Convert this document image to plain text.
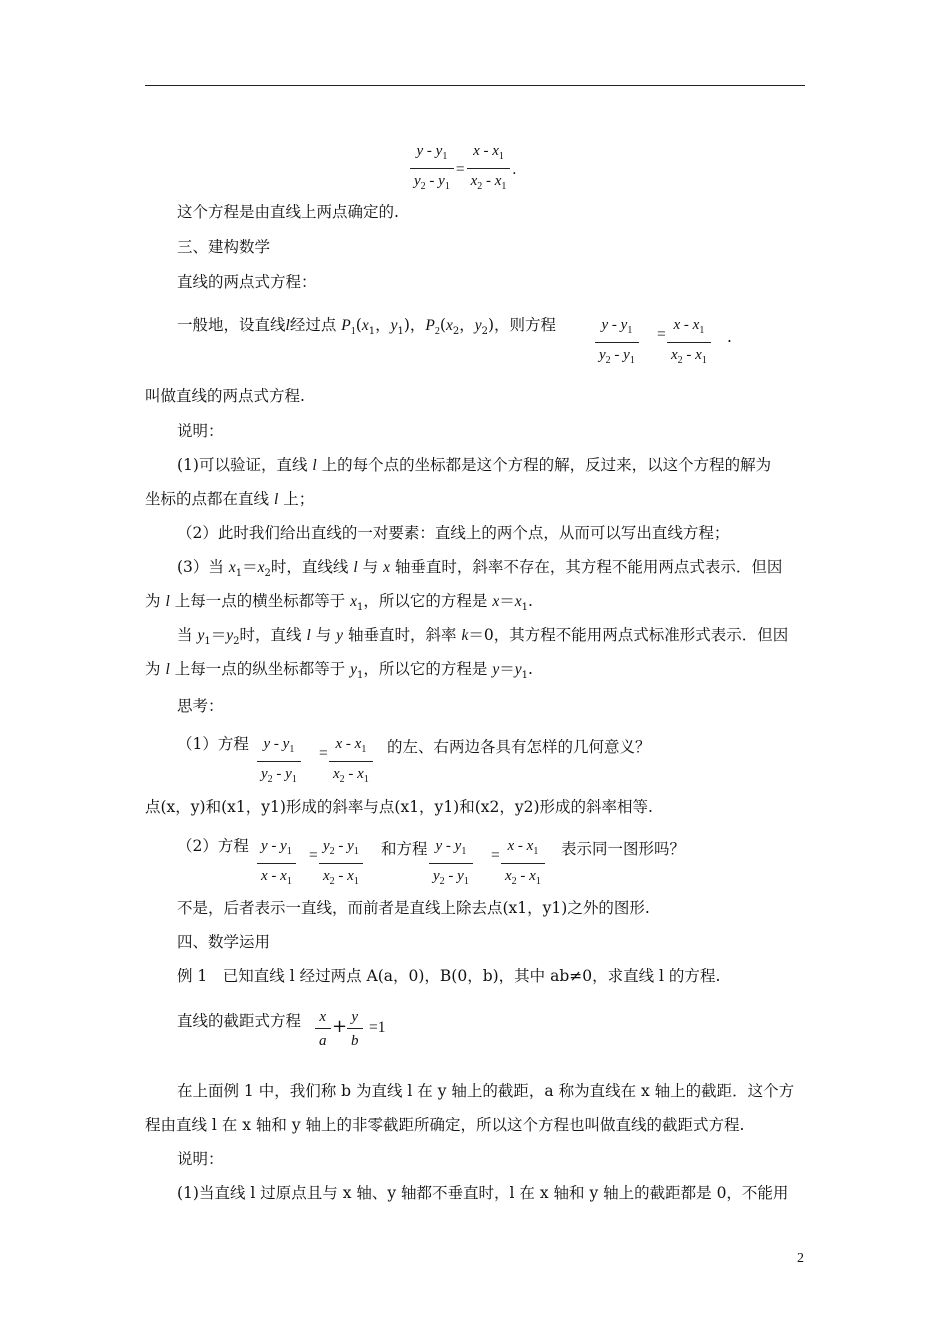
$\frac{y - y_1}{y_2 - y_1} = \frac{x - x_1}{x_2 - x_1}$ .
这个方程是由直线上两点确定的.
三、建构数学
直线的两点式方程：
一般地，设直线l经过点 $P_1(x_1$，$y_1$)，$P_2(x_2$，$y_2$)，则方程	$\frac{y - y_1}{y_2 - y_1} = \frac{x - x_1}{x_2 - x_1}$ .
叫做直线的两点式方程.
说明：
(1)可以验证，直线 l 上的每个点的坐标都是这个方程的解，反过来，以这个方程的解为
坐标的点都在直线 l 上；
（2）此时我们给出直线的一对要素：直线上的两个点，从而可以写出直线方程；
(3）当 $x_1=x_2$时，直线线 l 与 x 轴垂直时，斜率不存在，其方程不能用两点式表示．但因
为 l 上每一点的横坐标都等于 $x_1$，所以它的方程是 $x=x_1$.
当 $y_1=y_2$时，直线 l 与 y 轴垂直时，斜率 k＝0，其方程不能用两点式标准形式表示．但因
为 l 上每一点的纵坐标都等于 $y_1$，所以它的方程是 $y=y_1$.
思考：
（1）方程 $\frac{y - y_1}{y_2 - y_1} = \frac{x - x_1}{x_2 - x_1}$ 的左、右两边各具有怎样的几何意义？
点(x，y)和(x1，y1)形成的斜率与点(x1，y1)和(x2，y2)形成的斜率相等.
（2）方程 $\frac{y - y_1}{x - x_1} = \frac{y_2 - y_1}{x_2 - x_1}$ 和方程 $\frac{y - y_1}{y_2 - y_1} = \frac{x - x_1}{x_2 - x_1}$ 表示同一图形吗？
不是，后者表示一直线，而前者是直线上除去点(x1，y1)之外的图形.
四、数学运用
例 1　已知直线 l 经过两点 A(a，0)，B(0，b)，其中 ab≠0，求直线 l 的方程.
直线的截距式方程 $\frac{x}{a} + \frac{y}{b} =1$
在上面例 1 中，我们称 b 为直线 l 在 y 轴上的截距，a 称为直线在 x 轴上的截距．这个方
程由直线 l 在 x 轴和 y 轴上的非零截距所确定，所以这个方程也叫做直线的截距式方程.
说明：
(1)当直线 l 过原点且与 x 轴、y 轴都不垂直时，l 在 x 轴和 y 轴上的截距都是 0，不能用
2
